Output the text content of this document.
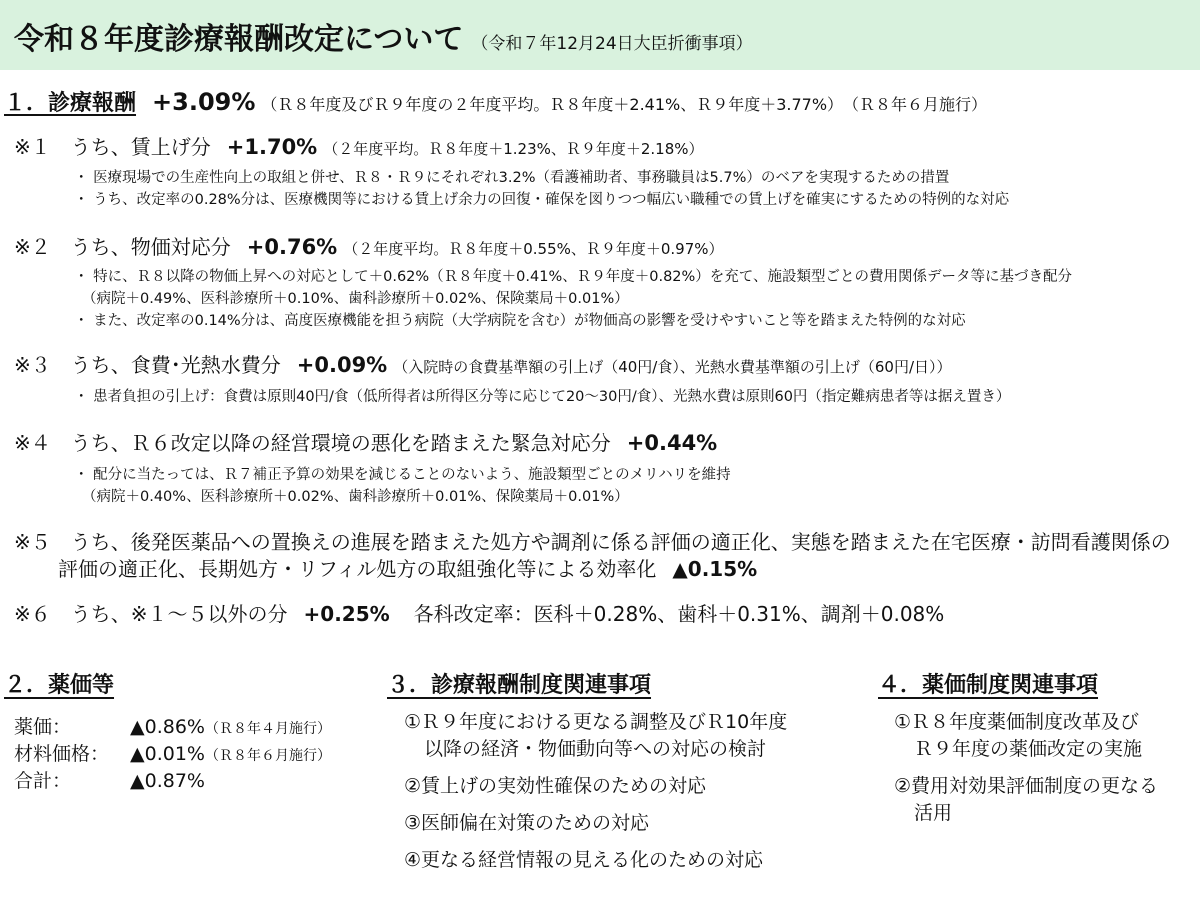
令和８年度診療報酬改定について （令和７年12月24日大臣折衝事項）
１．診療報酬 +3.09% （Ｒ８年度及びＲ９年度の２年度平均。Ｒ８年度＋2.41%、Ｒ９年度＋3.77%）　（Ｒ８年６月施行）
※１　うち、賃上げ分 +1.70% （２年度平均。Ｒ８年度＋1.23%、Ｒ９年度＋2.18%）
・ 医療現場での生産性向上の取組と併せ、Ｒ８・Ｒ９にそれぞれ3.2%（看護補助者、事務職員は5.7%）のベアを実現するための措置
・ うち、改定率の0.28%分は、医療機関等における賃上げ余力の回復・確保を図りつつ幅広い職種での賃上げを確実にするための特例的な対応
※２　うち、物価対応分 +0.76% （２年度平均。Ｒ８年度＋0.55%、Ｒ９年度＋0.97%）
・ 特に、Ｒ８以降の物価上昇への対応として＋0.62%（Ｒ８年度＋0.41%、Ｒ９年度＋0.82%）を充て、施設類型ごとの費用関係データ等に基づき配分
（病院＋0.49%、医科診療所＋0.10%、歯科診療所＋0.02%、保険薬局＋0.01%）
・ また、改定率の0.14%分は、高度医療機能を担う病院（大学病院を含む）が物価高の影響を受けやすいこと等を踏まえた特例的な対応
※３　うち、食費･光熱水費分 +0.09% （入院時の食費基準額の引上げ（40円/食）、光熱水費基準額の引上げ（60円/日））
・ 患者負担の引上げ：食費は原則40円/食（低所得者は所得区分等に応じて20～30円/食）、光熱水費は原則60円（指定難病患者等は据え置き）
※４　うち、Ｒ６改定以降の経営環境の悪化を踏まえた緊急対応分 +0.44%
・ 配分に当たっては、Ｒ７補正予算の効果を減じることのないよう、施設類型ごとのメリハリを維持
（病院＋0.40%、医科診療所＋0.02%、歯科診療所＋0.01%、保険薬局＋0.01%）
※５　うち、後発医薬品への置換えの進展を踏まえた処方や調剤に係る評価の適正化、実態を踏まえた在宅医療・訪問看護関係の
評価の適正化、長期処方・リフィル処方の取組強化等による効率化 ▲0.15%
※６　うち、※１～５以外の分 +0.25% 各科改定率：医科＋0.28%、歯科＋0.31%、調剤＋0.08%
２．薬価等
薬価：	▲0.86%（Ｒ８年４月施行）
材料価格： ▲0.01%（Ｒ８年６月施行）
合計：	▲0.87%
３．診療報酬制度関連事項
①Ｒ９年度における更なる調整及びＲ10年度
以降の経済・物価動向等への対応の検討
②賃上げの実効性確保のための対応
③医師偏在対策のための対応
④更なる経営情報の見える化のための対応
４．薬価制度関連事項
①Ｒ８年度薬価制度改革及び
Ｒ９年度の薬価改定の実施
②費用対効果評価制度の更なる
活用
